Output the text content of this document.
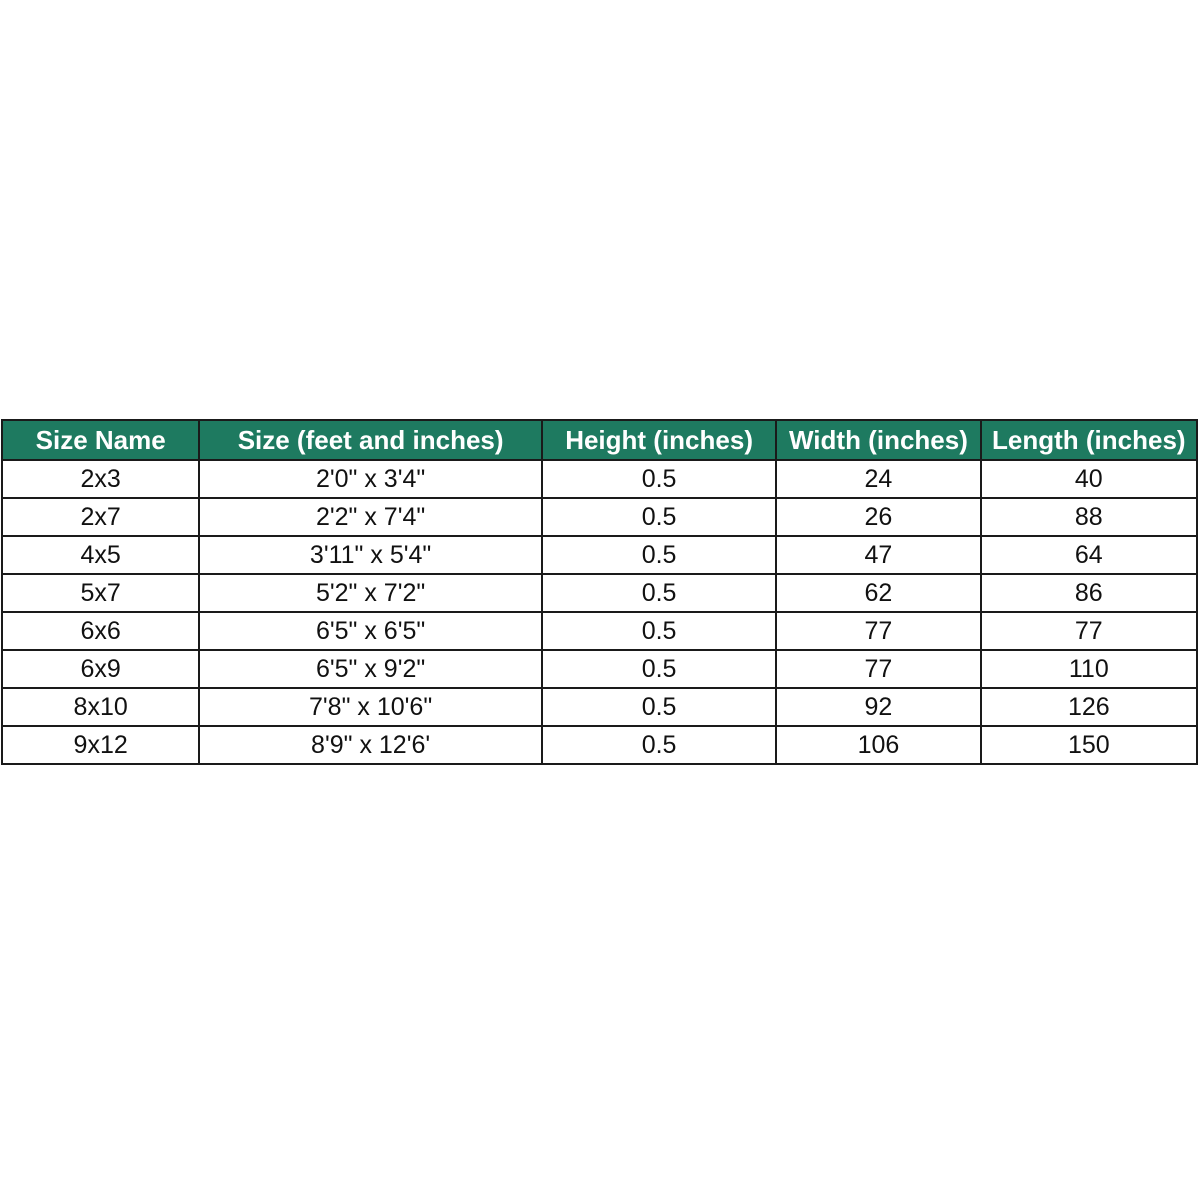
Size Name	Size (feet and inches)	Height (inches)	Width (inches)	Length (inches)
2x3	2'0" x 3'4"	0.5	24	40
2x7	2'2" x 7'4"	0.5	26	88
4x5	3'11" x 5'4"	0.5	47	64
5x7	5'2" x 7'2"	0.5	62	86
6x6	6'5" x 6'5"	0.5	77	77
6x9	6'5" x 9'2"	0.5	77	110
8x10	7'8" x 10'6"	0.5	92	126
9x12	8'9" x 12'6'	0.5	106	150
